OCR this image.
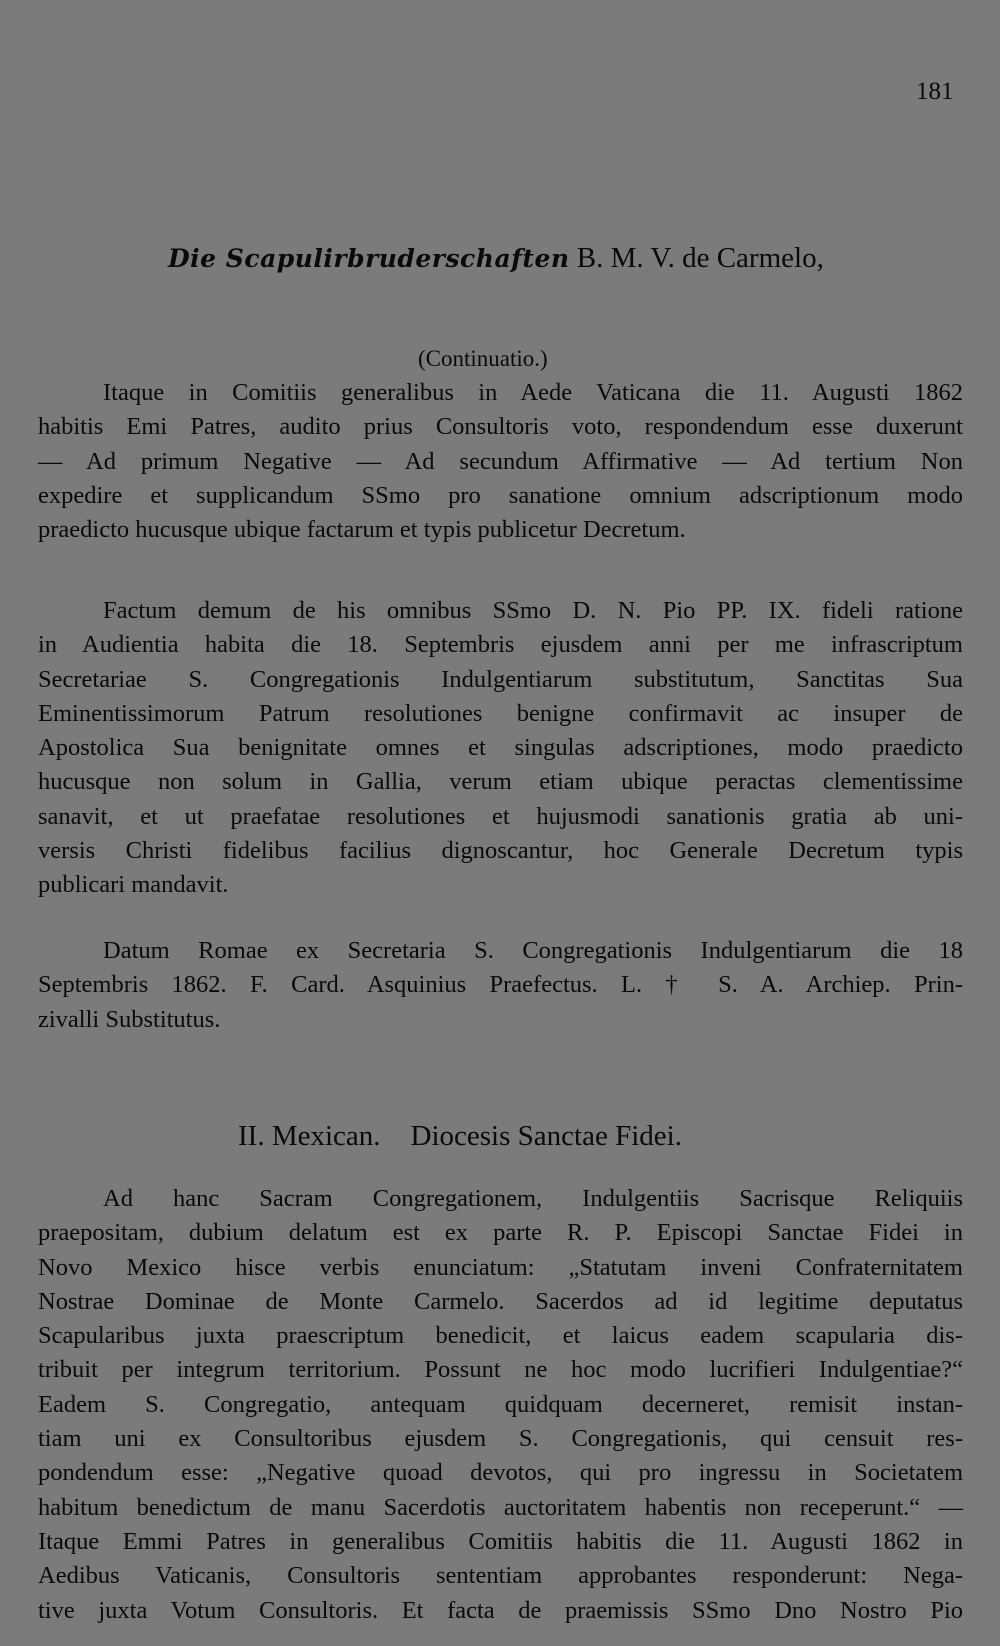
181
Die Scapulirbruderschaften B. M. V. de Carmelo,
(Continuatio.)

Itaque in Comitiis generalibus in Aede Vaticana die 11. Augusti 1862
habitis Emi Patres, audito prius Consultoris voto, respondendum esse duxerunt
— Ad primum Negative — Ad secundum Affirmative — Ad tertium Non
expedire et supplicandum SSmo pro sanatione omnium adscriptionum modo
praedicto hucusque ubique factarum et typis publicetur Decretum.

Factum demum de his omnibus SSmo D. N. Pio PP. IX. fideli ratione
in Audientia habita die 18. Septembris ejusdem anni per me infrascriptum
Secretariae S. Congregationis Indulgentiarum substitutum, Sanctitas Sua
Eminentissimorum Patrum resolutiones benigne confirmavit ac insuper de
Apostolica Sua benignitate omnes et singulas adscriptiones, modo praedicto
hucusque non solum in Gallia, verum etiam ubique peractas clementissime
sanavit, et ut praefatae resolutiones et hujusmodi sanationis gratia ab uni-
versis Christi fidelibus facilius dignoscantur, hoc Generale Decretum typis
publicari mandavit.

Datum Romae ex Secretaria S. Congregationis Indulgentiarum die 18
Septembris 1862. F. Card. Asquinius Praefectus. L. † S. A. Archiep. Prin-
zivalli Substitutus.

II. Mexican. Diocesis Sanctae Fidei.

Ad hanc Sacram Congregationem, Indulgentiis Sacrisque Reliquiis
praepositam, dubium delatum est ex parte R. P. Episcopi Sanctae Fidei in
Novo Mexico hisce verbis enunciatum: „Statutam inveni Confraternitatem
Nostrae Dominae de Monte Carmelo. Sacerdos ad id legitime deputatus
Scapularibus juxta praescriptum benedicit, et laicus eadem scapularia dis-
tribuit per integrum territorium. Possunt ne hoc modo lucrifieri Indulgentiae?“
Eadem S. Congregatio, antequam quidquam decerneret, remisit instan-
tiam uni ex Consultoribus ejusdem S. Congregationis, qui censuit res-
pondendum esse: „Negative quoad devotos, qui pro ingressu in Societatem
habitum benedictum de manu Sacerdotis auctoritatem habentis non receperunt.“ —
Itaque Emmi Patres in generalibus Comitiis habitis die 11. Augusti 1862 in
Aedibus Vaticanis, Consultoris sententiam approbantes responderunt: Nega-
tive juxta Votum Consultoris. Et facta de praemissis SSmo Dno Nostro Pio
